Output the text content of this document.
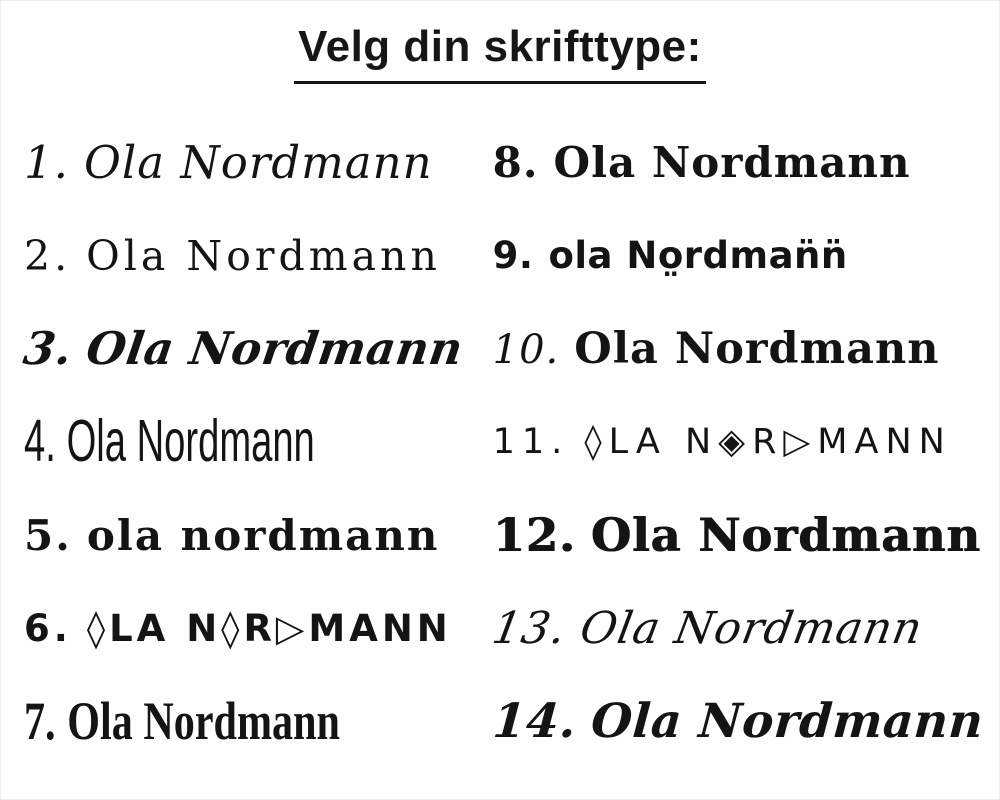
Velg din skrifttype:
1. Ola Nordmann
2. Ola Nordmann
3. Ola Nordmann
4. Ola Nordmann
5. ola nordmann
6. ◊LA N◊R▷MANN
7. Ola Nordmann
8. Ola Nordmann
9. ola No̤rdman̈n̈
10. Ola Nordmann
11. ◊LA N◈R▷MANN
12. Ola Nordmann
13. Ola Nordmann
14. Ola Nordmann
